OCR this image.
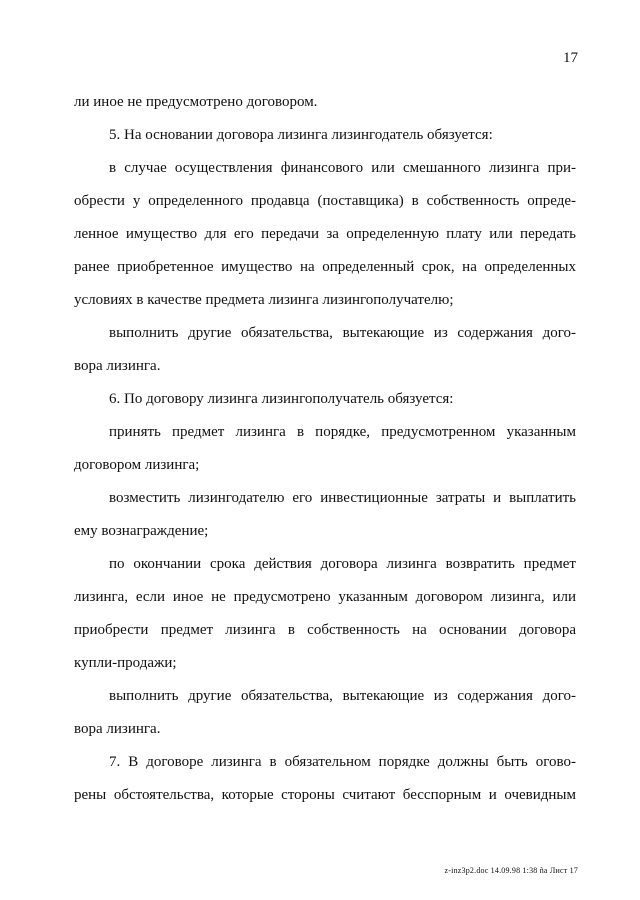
17
ли иное не предусмотрено договором.
5. На основании договора лизинга лизингодатель обязуется:
в случае осуществления финансового или смешанного лизинга при-
обрести у определенного продавца (поставщика) в собственность опреде-
ленное имущество для его передачи за определенную плату или передать
ранее приобретенное имущество на определенный срок, на определенных
условиях в качестве предмета лизинга лизингополучателю;
выполнить другие обязательства, вытекающие из содержания дого-
вора лизинга.
6. По договору лизинга лизингополучатель обязуется:
принять предмет лизинга в порядке, предусмотренном указанным
договором лизинга;
возместить лизингодателю его инвестиционные затраты и выплатить
ему вознаграждение;
по окончании срока действия договора лизинга возвратить предмет
лизинга, если иное не предусмотрено указанным договором лизинга, или
приобрести предмет лизинга в собственность на основании договора
купли-продажи;
выполнить другие обязательства, вытекающие из содержания дого-
вора лизинга.
7. В договоре лизинга в обязательном порядке должны быть огово-
рены обстоятельства, которые стороны считают бесспорным и очевидным
z-inz3p2.doc 14.09.98 1:38 ña Лист 17
